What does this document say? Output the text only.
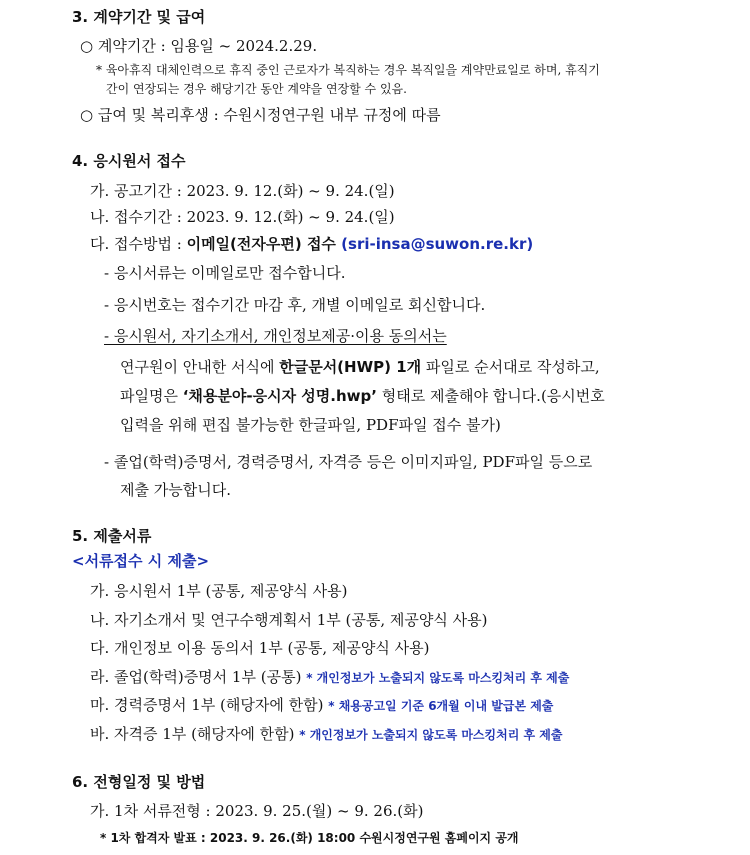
3. 계약기간 및 급여
○ 계약기간 : 임용일 ~ 2024.2.29.
* 육아휴직 대체인력으로 휴직 중인 근로자가 복직하는 경우 복직일을 계약만료일로 하며, 휴직기
간이 연장되는 경우 해당기간 동안 계약을 연장할 수 있음.
○ 급여 및 복리후생 : 수원시정연구원 내부 규정에 따름
4. 응시원서 접수
가. 공고기간 : 2023. 9. 12.(화) ~ 9. 24.(일)
나. 접수기간 : 2023. 9. 12.(화) ~ 9. 24.(일)
다. 접수방법 : 이메일(전자우편) 접수 (sri-insa@suwon.re.kr)
- 응시서류는 이메일로만 접수합니다.
- 응시번호는 접수기간 마감 후, 개별 이메일로 회신합니다.
- 응시원서, 자기소개서, 개인정보제공·이용 동의서는
연구원이 안내한 서식에 한글문서(HWP) 1개 파일로 순서대로 작성하고,
파일명은 ‘채용분야-응시자 성명.hwp’ 형태로 제출해야 합니다.(응시번호
입력을 위해 편집 불가능한 한글파일, PDF파일 접수 불가)
- 졸업(학력)증명서, 경력증명서, 자격증 등은 이미지파일, PDF파일 등으로
제출 가능합니다.
5. 제출서류
<서류접수 시 제출>
가. 응시원서 1부 (공통, 제공양식 사용)
나. 자기소개서 및 연구수행계획서 1부 (공통, 제공양식 사용)
다. 개인정보 이용 동의서 1부 (공통, 제공양식 사용)
라. 졸업(학력)증명서 1부 (공통) * 개인정보가 노출되지 않도록 마스킹처리 후 제출
마. 경력증명서 1부 (해당자에 한함) * 채용공고일 기준 6개월 이내 발급본 제출
바. 자격증 1부 (해당자에 한함) * 개인정보가 노출되지 않도록 마스킹처리 후 제출
6. 전형일정 및 방법
가. 1차 서류전형 : 2023. 9. 25.(월) ~ 9. 26.(화)
* 1차 합격자 발표 : 2023. 9. 26.(화) 18:00 수원시정연구원 홈페이지 공개
